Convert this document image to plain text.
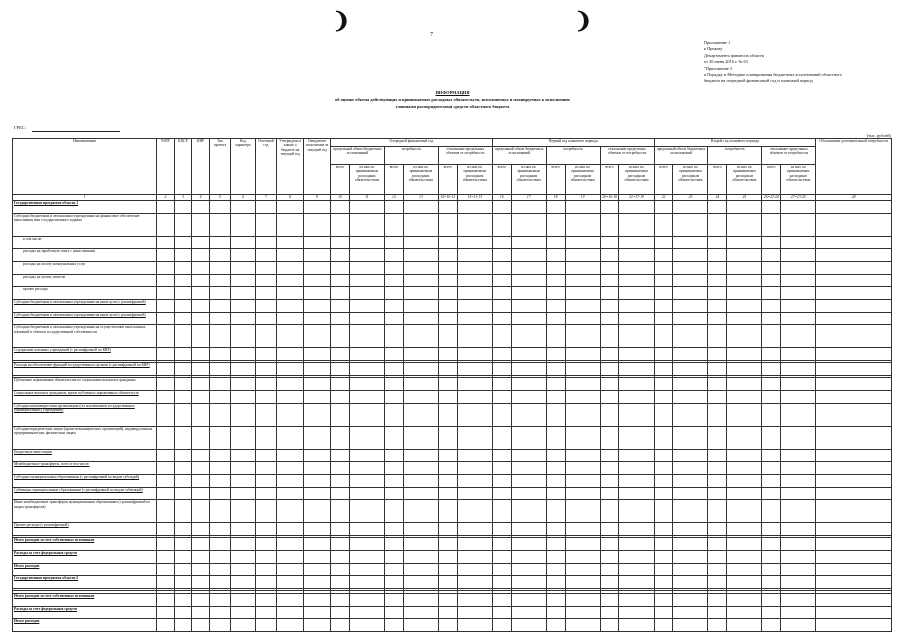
❩	❩
7
Приложение 1
к Приказу
Департамента финансов области
от 30 июня 2016 г. № 63
"Приложение 3
к Порядку и Методике планирования бюджетных ассигнований областного
бюджета на очередной финансовый год и плановый период
ИНФОРМАЦИЯ
об оценке объема действующих и принимаемых расходных обязательств, исполняемых и планируемых к исполнению
главными распорядителями средств областного бюджета
ГРБС:
(тыс. рублей)
Наименование	РзПР	КЦСР	КВР	Тип проекта	Код характера	Отчетный год	Утверждено в законе о бюджете на текущий год	Ожидаемое исполнение за текущий год	Очередной финансовый год						Первый год планового периода						Второй год планового периода						Обоснование дополнительной потребности
									предельный объем бюджетных ассигнований		потребность		отклонение предельных объемов от потребности		предельный объем бюджетных ассигнований		потребность		отклонение предельных объемов от потребности		предельный объем бюджетных ассигнований		потребность		отклонение предельных объемов от потребности		
									всего	из них по принимаемым расходным обязательствам	всего	из них по принимаемым расходным обязательствам	всего	из них по принимаемым расходным обязательствам	всего	из них по принимаемым расходным обязательствам	всего	из них по принимаемым расходным обязательствам	всего	из них по принимаемым расходным обязательствам	всего	из них по принимаемым расходным обязательствам	всего	из них по принимаемым расходным обязательствам	всего	из них по принимаемым расходным обязательствам	
1	2	3	4	5	6	7	8	9	10	11	12	13	14=10-12	15=11-13	16	17	18	19	20=16-18	21=17-19	22	23	24	25	26=22-24	27=23-25	28
Государственная программа области 1																											
Субсидии бюджетным и автономным учреждениям на финансовое обеспечение выполнения ими государственного задания																											
в том числе:																											
расходы на заработную плату с начислениями																											
расходы на оплату коммунальных услуг																											
расходы на уплату налогов																											
прочие расходы																											
Субсидии бюджетным и автономным учреждениям на иные цели (с расшифровкой)																											
Субсидии бюджетным и автономным учреждениям на иные цели (с расшифровкой)																											
Субсидии бюджетным и автономным учреждениям на осуществление капитальных вложений в объекты государственной собственности																											
Содержание казенных учреждений (с расшифровкой по КВР)																											

Расходы на обеспечение функций государственных органов (с расшифровкой по КВР)																											

Публичные нормативные обязательства по социальным выплатам гражданам																											
Социальные выплаты гражданам, кроме публичных нормативных обязательств																											
Субсидии некоммерческим организациям (за исключением государственных (муниципальных) учреждений)																											
Субсидии юридическим лицам (кроме некоммерческих организаций), индивидуальным предпринимателям, физическим лицам																											
Бюджетные инвестиции																											
Межбюджетные трансферты, всего в том числе:																											
Субсидии муниципальным образованиям (с расшифровкой по видам субсидий)																											
Субвенции муниципальным образованиям (с расшифровкой по видам субвенций)																											
Иные межбюджетные трансферты муниципальным образованиям (с расшифровкой по видам трансфертов)																											
Прочие расходы (с расшифровкой)																											

Итого расходов за счет собственных источников																											
Расходы за счет федеральных средств																											
Итого расходов																											
Государственная программа области 2																											

Итого расходов за счет собственных источников																											
Расходы за счет федеральных средств																											
Итого расходов																											
